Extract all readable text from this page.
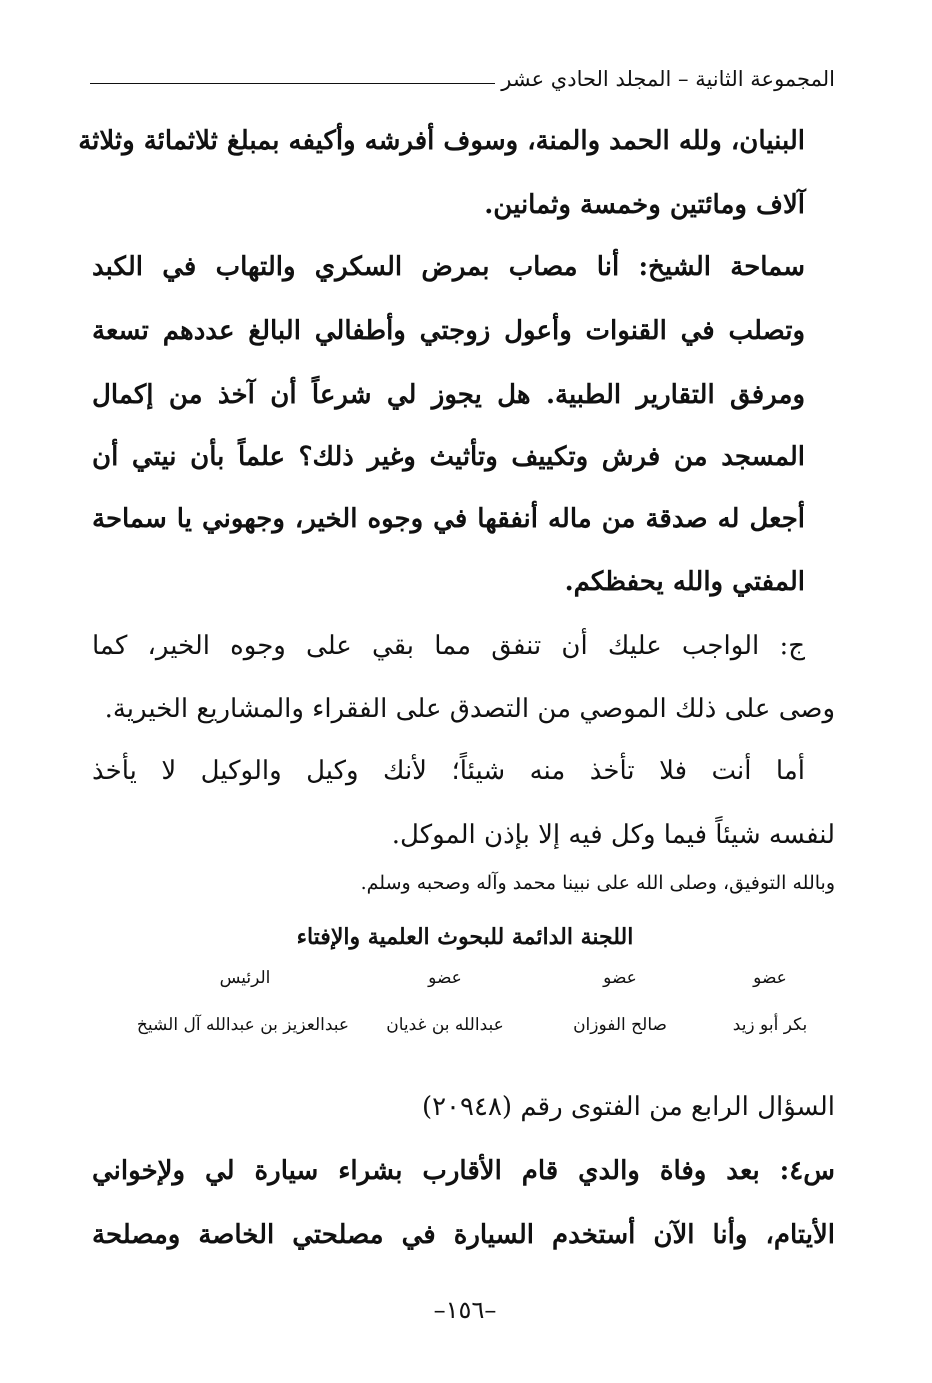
المجموعة الثانية – المجلد الحادي عشر
البنيان، ولله الحمد والمنة، وسوف أفرشه وأكيفه بمبلغ ثلاثمائة وثلاثة
آلاف ومائتين وخمسة وثمانين.
سماحة الشيخ: أنا مصاب بمرض السكري والتهاب في الكبد
وتصلب في القنوات وأعول زوجتي وأطفالي البالغ عددهم تسعة
ومرفق التقارير الطبية. هل يجوز لي شرعاً أن آخذ من إكمال
المسجد من فرش وتكييف وتأثيث وغير ذلك؟ علماً بأن نيتي أن
أجعل له صدقة من ماله أنفقها في وجوه الخير، وجهوني يا سماحة
المفتي والله يحفظكم.
ج: الواجب عليك أن تنفق مما بقي على وجوه الخير، كما
وصى على ذلك الموصي من التصدق على الفقراء والمشاريع الخيرية.
أما أنت فلا تأخذ منه شيئاً؛ لأنك وكيل والوكيل لا يأخذ
لنفسه شيئاً فيما وكل فيه إلا بإذن الموكل.
وبالله التوفيق، وصلى الله على نبينا محمد وآله وصحبه وسلم.
اللجنة الدائمة للبحوث العلمية والإفتاء
عضو
بكر أبو زيد
عضو
صالح الفوزان
عضو
عبدالله بن غديان
الرئيس
عبدالعزيز بن عبدالله آل الشيخ
السؤال الرابع من الفتوى رقم (٢٠٩٤٨)
س٤: بعد وفاة والدي قام الأقارب بشراء سيارة لي ولإخواني
الأيتام، وأنا الآن أستخدم السيارة في مصلحتي الخاصة ومصلحة
–١٥٦–
